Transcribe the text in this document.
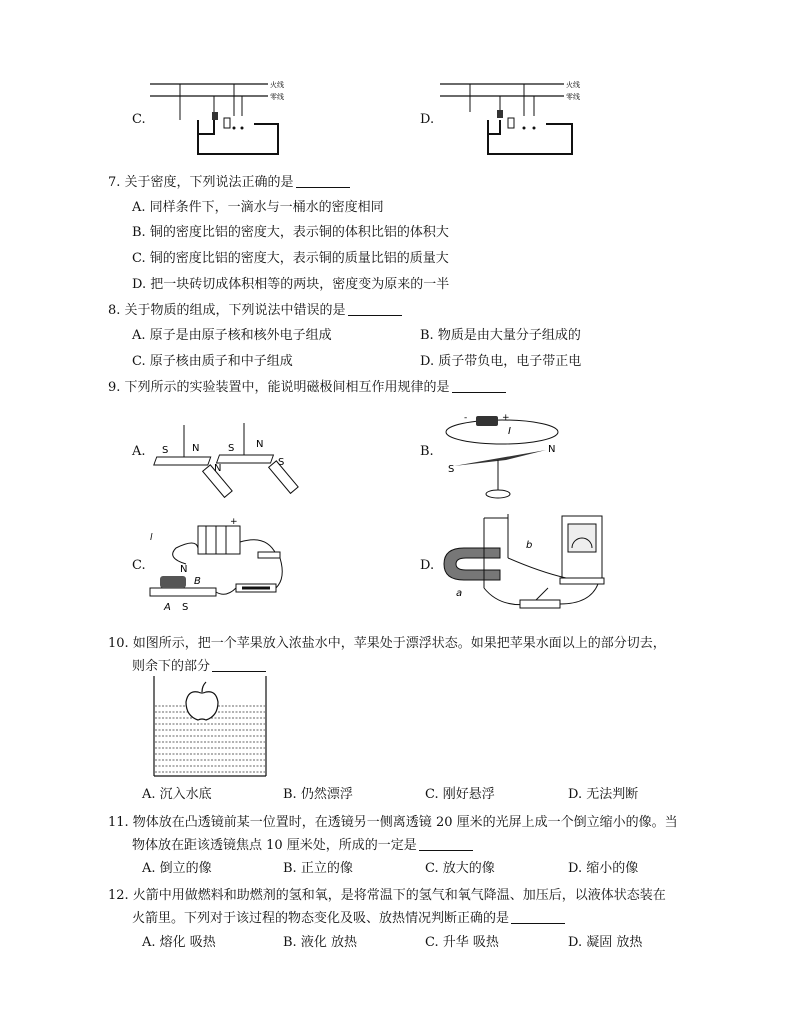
C.
火线
零线
D.
火线
零线
7. 关于密度，下列说法正确的是
A. 同样条件下，一滴水与一桶水的密度相同
B. 铜的密度比铝的密度大，表示铜的体积比铝的体积大
C. 铜的密度比铝的密度大，表示铜的质量比铝的质量大
D. 把一块砖切成体积相等的两块，密度变为原来的一半
8. 关于物质的组成，下列说法中错误的是
A. 原子是由原子核和核外电子组成	B. 物质是由大量分子组成的
C. 原子核由质子和中子组成	D. 质子带负电，电子带正电
9. 下列所示的实验装置中，能说明磁极间相互作用规律的是
A. S N	S N
N
S
B.
-	+
I
N
S
C.
+
l
N
B
A S
D.
b
a
10. 如图所示，把一个苹果放入浓盐水中，苹果处于漂浮状态。如果把苹果水面以上的部分切去，
则余下的部分
A. 沉入水底	B. 仍然漂浮	C. 刚好悬浮	D. 无法判断
11. 物体放在凸透镜前某一位置时，在透镜另一侧离透镜 20 厘米的光屏上成一个倒立缩小的像。当
物体放在距该透镜焦点 10 厘米处，所成的一定是
A. 倒立的像	B. 正立的像	C. 放大的像	D. 缩小的像
12. 火箭中用做燃料和助燃剂的氢和氧，是将常温下的氢气和氧气降温、加压后，以液体状态装在
火箭里。下列对于该过程的物态变化及吸、放热情况判断正确的是
A. 熔化 吸热	B. 液化 放热	C. 升华 吸热	D. 凝固 放热
